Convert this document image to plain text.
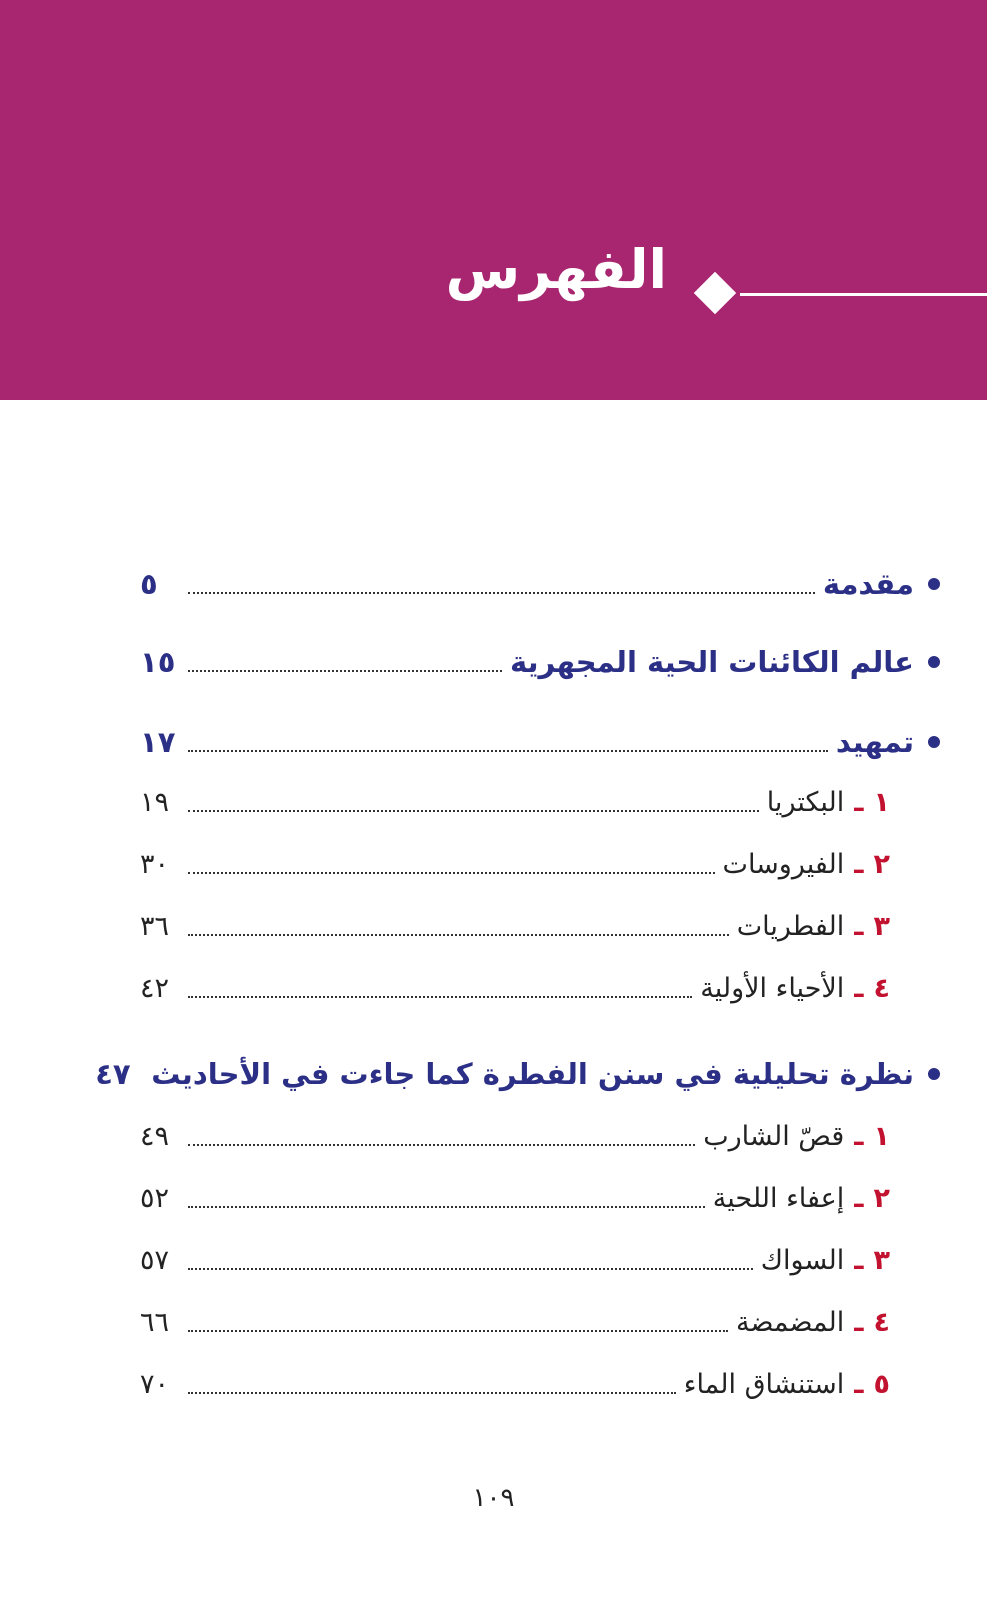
الفهرس
مقدمة
٥
عالم الكائنات الحية المجهرية
١٥
تمهيد
١٧
١
ـ
البكتريا
١٩
٢
ـ
الفيروسات
٣٠
٣
ـ
الفطريات
٣٦
٤
ـ
الأحياء الأولية
٤٢
نظرة تحليلية في سنن الفطرة كما جاءت في الأحاديث
٤٧
١
ـ
قصّ الشارب
٤٩
٢
ـ
إعفاء اللحية
٥٢
٣
ـ
السواك
٥٧
٤
ـ
المضمضة
٦٦
٥
ـ
استنشاق الماء
٧٠
١٠٩
